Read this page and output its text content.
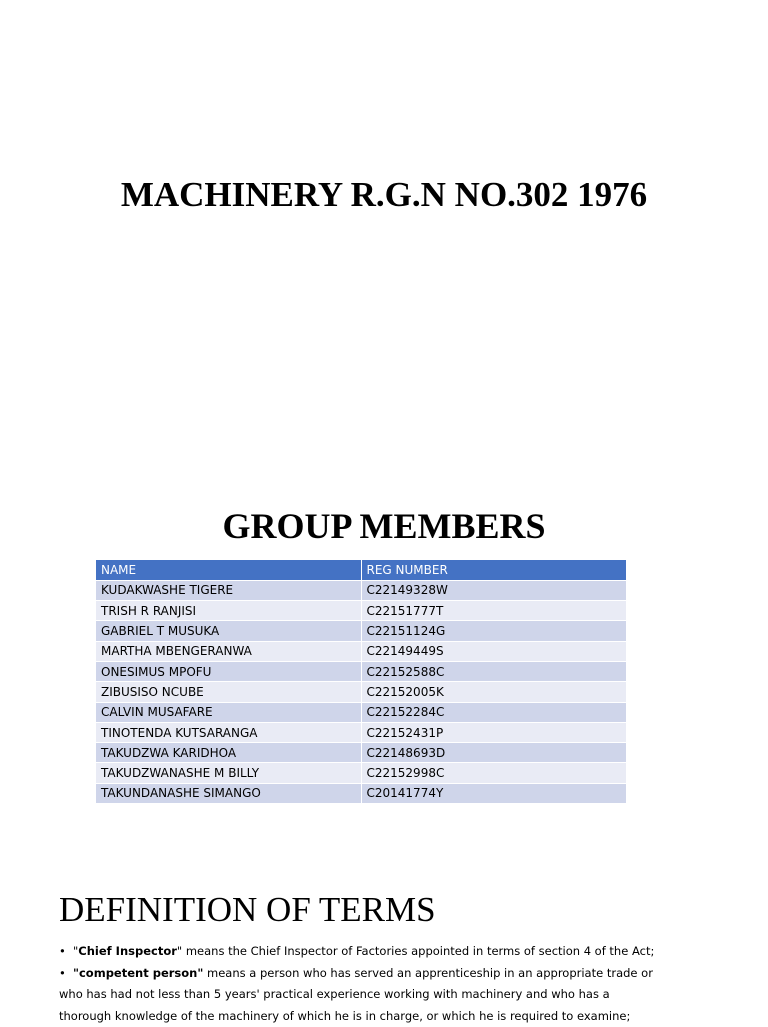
MACHINERY R.G.N NO.302 1976
GROUP MEMBERS
NAME	REG NUMBER
KUDAKWASHE TIGERE	C22149328W
TRISH R RANJISI	C22151777T
GABRIEL T MUSUKA	C22151124G
MARTHA MBENGERANWA	C22149449S
ONESIMUS MPOFU	C22152588C
ZIBUSISO NCUBE	C22152005K
CALVIN MUSAFARE	C22152284C
TINOTENDA KUTSARANGA	C22152431P
TAKUDZWA KARIDHOA	C22148693D
TAKUDZWANASHE M BILLY	C22152998C
TAKUNDANASHE SIMANGO	C20141774Y
DEFINITION OF TERMS

• "Chief Inspector" means the Chief Inspector of Factories appointed in terms of section 4 of the Act;

• "competent person" means a person who has served an apprenticeship in an appropriate trade or

who has had not less than 5 years' practical experience working with machinery and who has a

thorough knowledge of the machinery of which he is in charge, or which he is required to examine;
